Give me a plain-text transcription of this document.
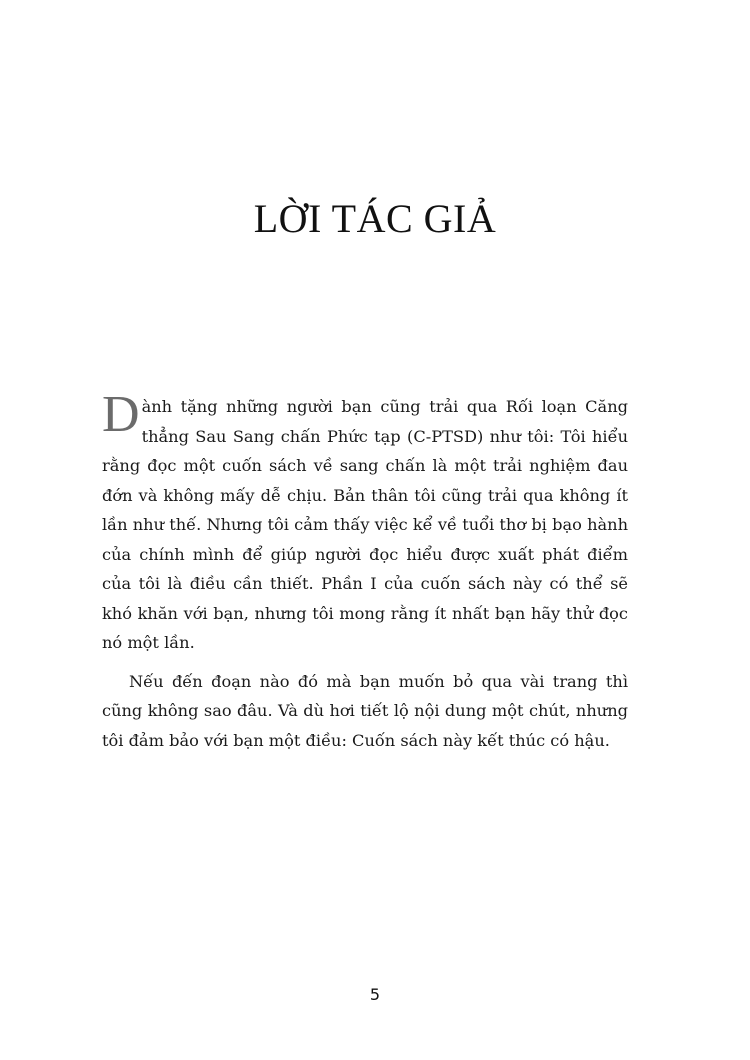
LỜI TÁC GIẢ

Dành tặng những người bạn cũng trải qua Rối loạn Căng thẳng Sau Sang chấn Phức tạp (C-PTSD) như tôi: Tôi hiểu rằng đọc một cuốn sách về sang chấn là một trải nghiệm đau đớn và không mấy dễ chịu. Bản thân tôi cũng trải qua không ít lần như thế. Nhưng tôi cảm thấy việc kể về tuổi thơ bị bạo hành của chính mình để giúp người đọc hiểu được xuất phát điểm của tôi là điều cần thiết. Phần I của cuốn sách này có thể sẽ khó khăn với bạn, nhưng tôi mong rằng ít nhất bạn hãy thử đọc nó một lần.

Nếu đến đoạn nào đó mà bạn muốn bỏ qua vài trang thì cũng không sao đâu. Và dù hơi tiết lộ nội dung một chút, nhưng tôi đảm bảo với bạn một điều: Cuốn sách này kết thúc có hậu.

5
